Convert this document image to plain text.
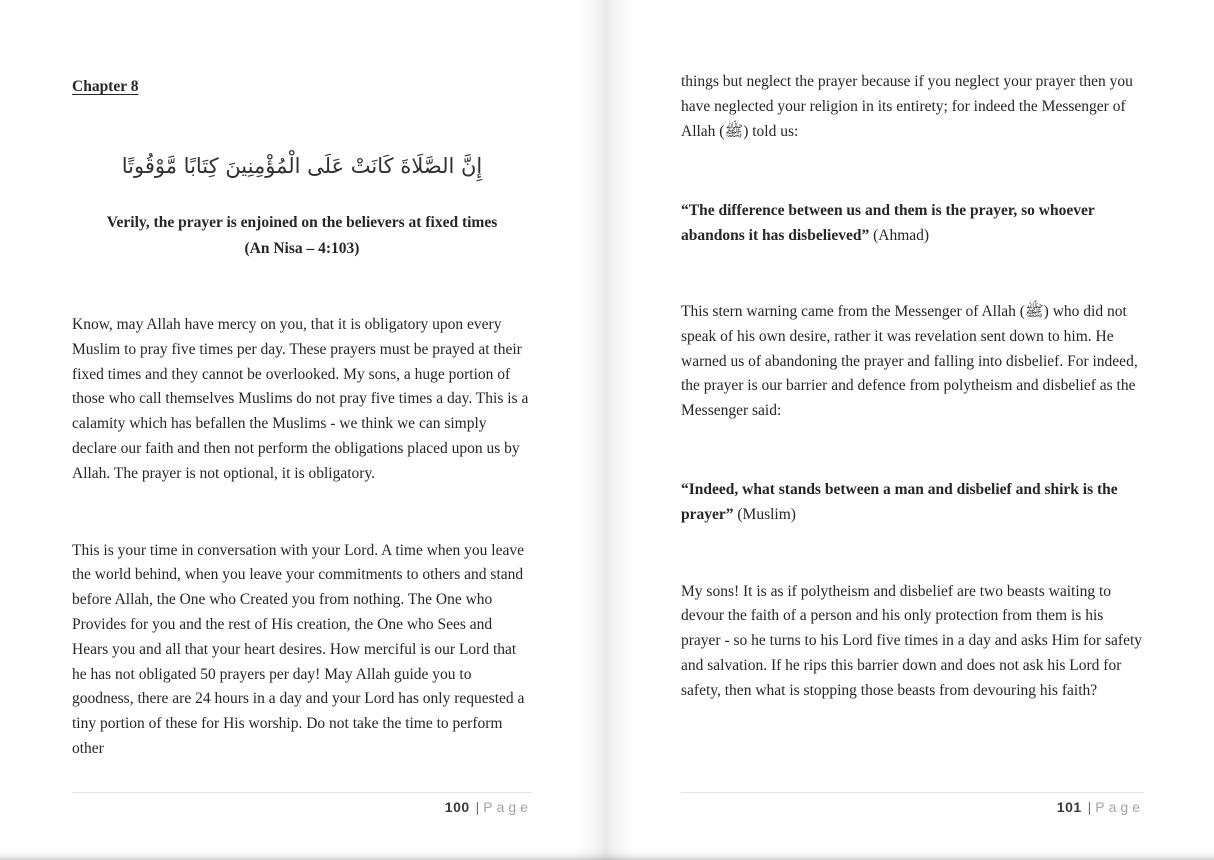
Chapter 8

إِنَّ الصَّلَاةَ كَانَتْ عَلَى الْمُؤْمِنِينَ كِتَابًا مَّوْقُوتًا

Verily, the prayer is enjoined on the believers at fixed times
(An Nisa – 4:103)

Know, may Allah have mercy on you, that it is obligatory upon every Muslim to pray five times per day. These prayers must be prayed at their fixed times and they cannot be overlooked. My sons, a huge portion of those who call themselves Muslims do not pray five times a day. This is a calamity which has befallen the Muslims - we think we can simply declare our faith and then not perform the obligations placed upon us by Allah. The prayer is not optional, it is obligatory.

This is your time in conversation with your Lord. A time when you leave the world behind, when you leave your commitments to others and stand before Allah, the One who Created you from nothing. The One who Provides for you and the rest of His creation, the One who Sees and Hears you and all that your heart desires. How merciful is our Lord that he has not obligated 50 prayers per day! May Allah guide you to goodness, there are 24 hours in a day and your Lord has only requested a tiny portion of these for His worship. Do not take the time to perform other

100 | Page

things but neglect the prayer because if you neglect your prayer then you have neglected your religion in its entirety; for indeed the Messenger of Allah (ﷺ) told us:

“The difference between us and them is the prayer, so whoever abandons it has disbelieved” (Ahmad)

This stern warning came from the Messenger of Allah (ﷺ) who did not speak of his own desire, rather it was revelation sent down to him. He warned us of abandoning the prayer and falling into disbelief. For indeed, the prayer is our barrier and defence from polytheism and disbelief as the Messenger said:

“Indeed, what stands between a man and disbelief and shirk is the prayer” (Muslim)

My sons! It is as if polytheism and disbelief are two beasts waiting to devour the faith of a person and his only protection from them is his prayer - so he turns to his Lord five times in a day and asks Him for safety and salvation. If he rips this barrier down and does not ask his Lord for safety, then what is stopping those beasts from devouring his faith?

101 | Page
